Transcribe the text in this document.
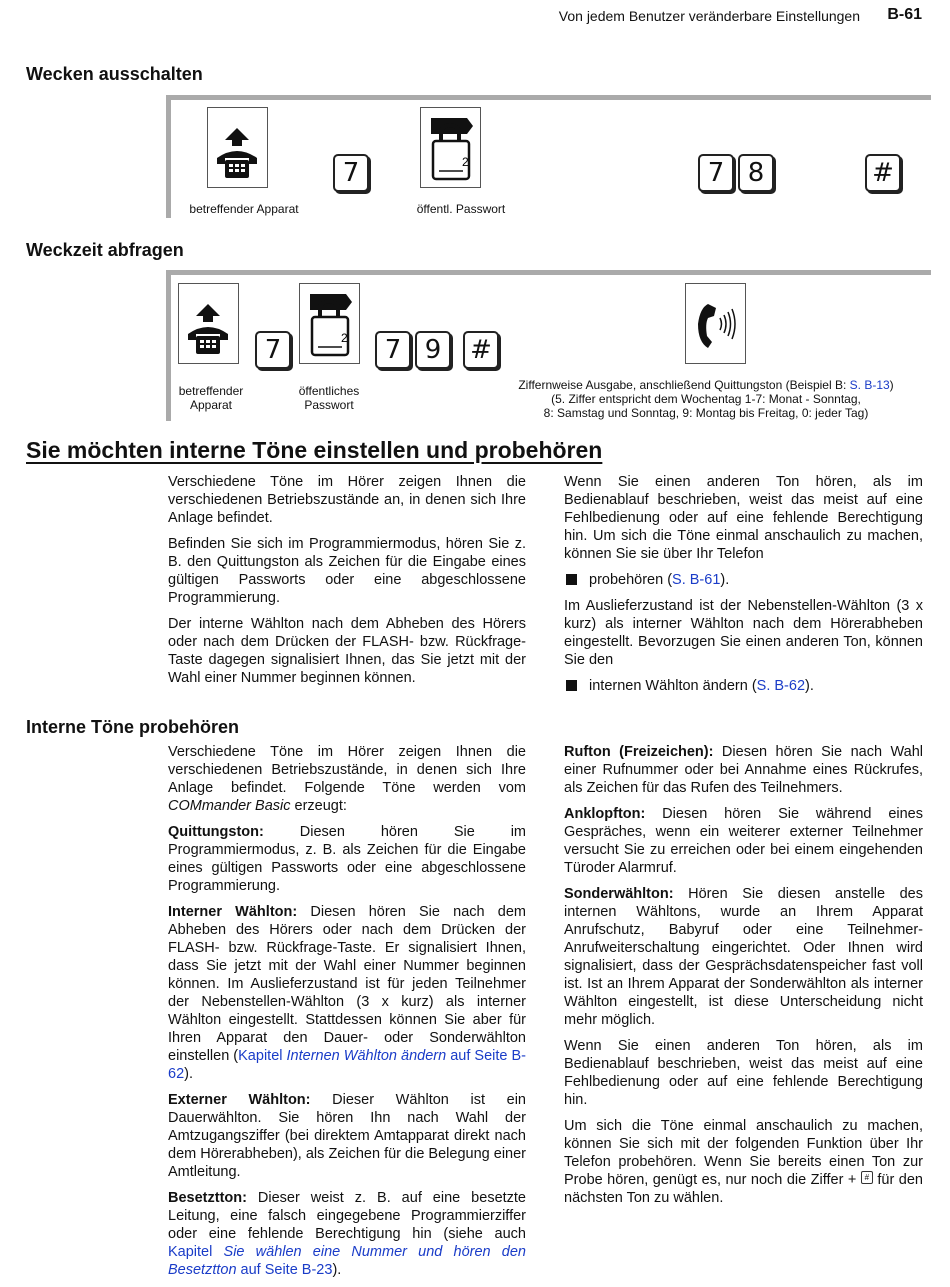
Von jedem Benutzer veränderbare Einstellungen B-61
Wecken ausschalten
7	2	7 8	#
betreffender Apparat	öffentl. Passwort
Weckzeit abfragen
7	2	7 9	#
betreffender
Apparat
öffentliches
Passwort
Ziffernweise Ausgabe, anschließend Quittungston (Beispiel B: S. B-13)
(5. Ziffer entspricht dem Wochentag 1-7: Monat - Sonntag,
8: Samstag und Sonntag, 9: Montag bis Freitag, 0: jeder Tag)
Sie möchten interne Töne einstellen und probehören

Verschiedene Töne im Hörer zeigen Ihnen die verschiedenen Betriebszustände an, in denen sich Ihre Anlage befindet.

Befinden Sie sich im Programmiermodus, hören Sie z. B. den Quittungston als Zeichen für die Eingabe eines gültigen Passworts oder eine abgeschlossene Programmierung.

Der interne Wählton nach dem Abheben des Hörers oder nach dem Drücken der FLASH- bzw. Rückfrage-Taste dagegen signalisiert Ihnen, das Sie jetzt mit der Wahl einer Nummer beginnen können.

Wenn Sie einen anderen Ton hören, als im Bedienablauf beschrieben, weist das meist auf eine Fehlbedienung oder auf eine fehlende Berechtigung hin. Um sich die Töne einmal anschaulich zu machen, können Sie sie über Ihr Telefon

probehören (S. B-61).

Im Auslieferzustand ist der Nebenstellen-Wählton (3 x kurz) als interner Wählton nach dem Hörerabheben eingestellt. Bevorzugen Sie einen anderen Ton, können Sie den

internen Wählton ändern (S. B-62).
Interne Töne probehören

Verschiedene Töne im Hörer zeigen Ihnen die verschiedenen Betriebszustände, in denen sich Ihre Anlage befindet. Folgende Töne werden vom COMmander Basic erzeugt:

Quittungston: Diesen hören Sie im Programmiermodus, z. B. als Zeichen für die Eingabe eines gültigen Passworts oder eine abgeschlossene Programmierung.

Interner Wählton: Diesen hören Sie nach dem Abheben des Hörers oder nach dem Drücken der FLASH- bzw. Rückfrage-Taste. Er signalisiert Ihnen, dass Sie jetzt mit der Wahl einer Nummer beginnen können. Im Auslieferzustand ist für jeden Teilnehmer der Nebenstellen-Wählton (3 x kurz) als interner Wählton eingestellt. Stattdessen können Sie aber für Ihren Apparat den Dauer- oder Sonderwählton einstellen (Kapitel Internen Wählton ändern auf Seite B-62).

Externer Wählton: Dieser Wählton ist ein Dauerwählton. Sie hören Ihn nach Wahl der Amtzugangsziffer (bei direktem Amtapparat direkt nach dem Hörerabheben), als Zeichen für die Belegung einer Amtleitung.

Besetztton: Dieser weist z. B. auf eine besetzte Leitung, eine falsch eingegebene Programmierziffer oder eine fehlende Berechtigung hin (siehe auch Kapitel Sie wählen eine Nummer und hören den Besetztton auf Seite B-23).

Rufton (Freizeichen): Diesen hören Sie nach Wahl einer Rufnummer oder bei Annahme eines Rückrufes, als Zeichen für das Rufen des Teilnehmers.

Anklopfton: Diesen hören Sie während eines Gespräches, wenn ein weiterer externer Teilnehmer versucht Sie zu erreichen oder bei einem eingehenden Türoder Alarmruf.

Sonderwählton: Hören Sie diesen anstelle des internen Wähltons, wurde an Ihrem Apparat Anrufschutz, Babyruf oder eine Teilnehmer-Anrufweiterschaltung eingerichtet. Oder Ihnen wird signalisiert, dass der Gesprächsdatenspeicher fast voll ist. Ist an Ihrem Apparat der Sonderwählton als interner Wählton eingestellt, ist diese Unterscheidung nicht mehr möglich.

Wenn Sie einen anderen Ton hören, als im Bedienablauf beschrieben, weist das meist auf eine Fehlbedienung oder auf eine fehlende Berechtigung hin.

Um sich die Töne einmal anschaulich zu machen, können Sie sich mit der folgenden Funktion über Ihr Telefon probehören. Wenn Sie bereits einen Ton zur Probe hören, genügt es, nur noch die Ziffer + # für den nächsten Ton zu wählen.
